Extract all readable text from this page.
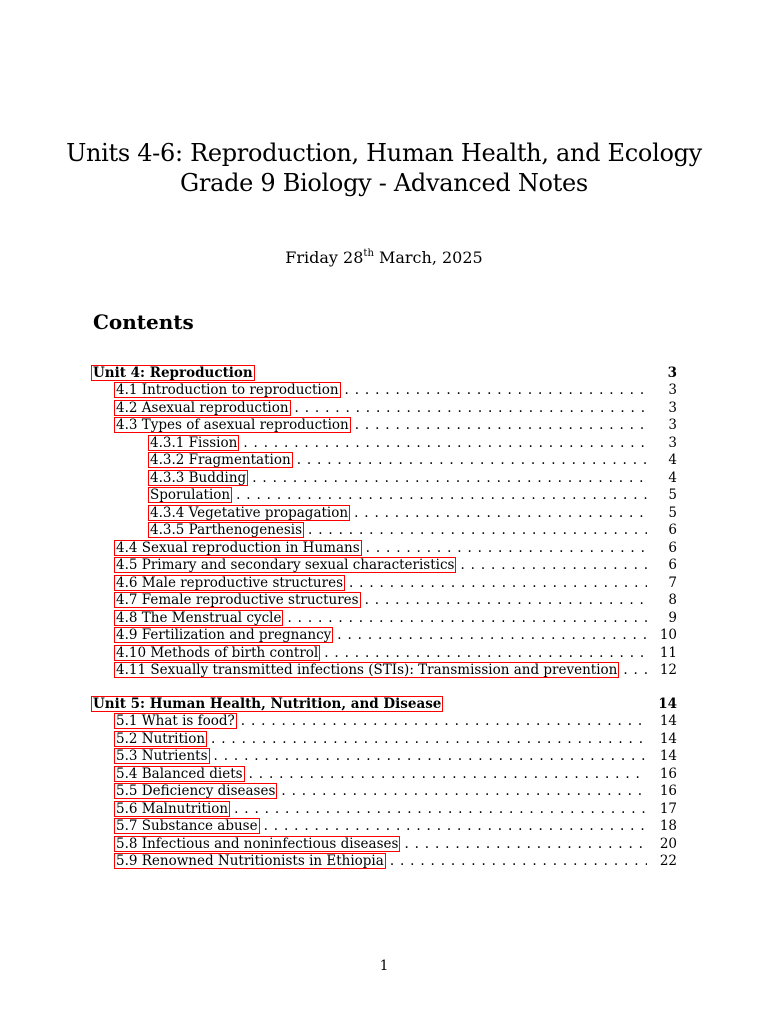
Units 4-6: Reproduction, Human Health, and Ecology
Grade 9 Biology - Advanced Notes
Friday 28th March, 2025
Contents
Unit 4: Reproduction	3
4.1 Introduction to reproduction . . .	3
4.2 Asexual reproduction . . .	3
4.3 Types of asexual reproduction . . .	3
4.3.1 Fission . . .	3
4.3.2 Fragmentation . . .	4
4.3.3 Budding . . .	4
Sporulation . . .	5
4.3.4 Vegetative propagation . . .	5
4.3.5 Parthenogenesis . . .	6
4.4 Sexual reproduction in Humans . . .	6
4.5 Primary and secondary sexual characteristics . . .	6
4.6 Male reproductive structures . . .	7
4.7 Female reproductive structures . . .	8
4.8 The Menstrual cycle . . .	9
4.9 Fertilization and pregnancy . . .	10
4.10 Methods of birth control . . .	11
4.11 Sexually transmitted infections (STIs): Transmission and prevention . . .	12
Unit 5: Human Health, Nutrition, and Disease	14
5.1 What is food? . . .	14
5.2 Nutrition . . .	14
5.3 Nutrients . . .	14
5.4 Balanced diets . . .	16
5.5 Deficiency diseases . . .	16
5.6 Malnutrition . . .	17
5.7 Substance abuse . . .	18
5.8 Infectious and noninfectious diseases . . .	20
5.9 Renowned Nutritionists in Ethiopia . . .	22
1
